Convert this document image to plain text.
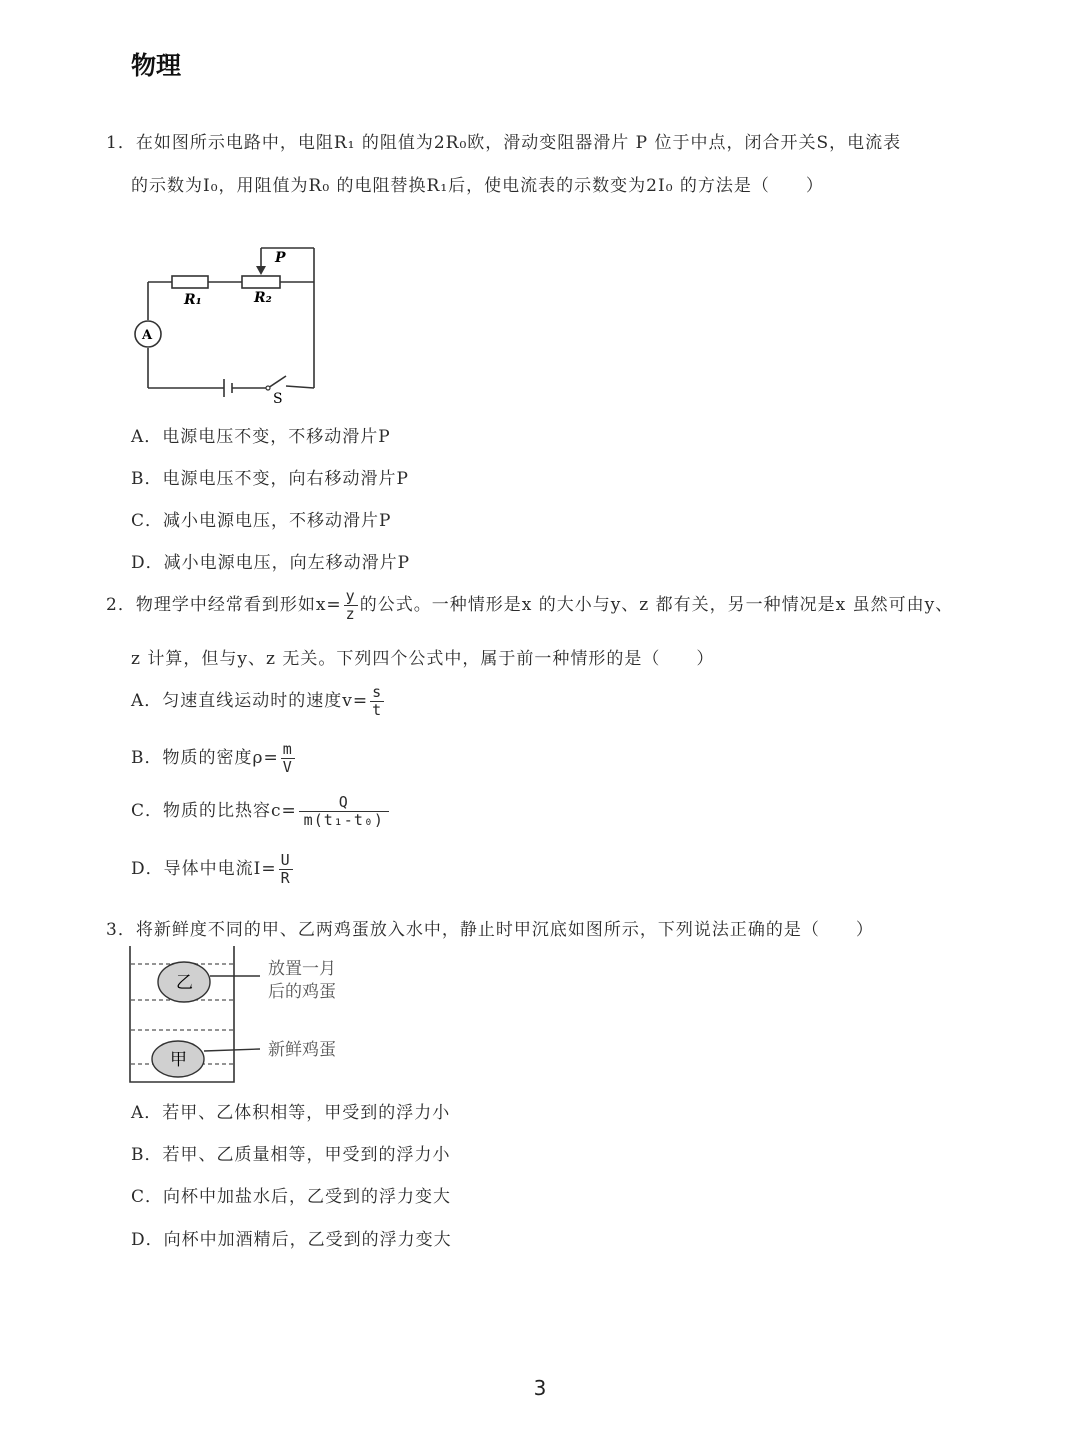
物理
1．在如图所示电路中，电阻R₁ 的阻值为2R₀欧，滑动变阻器滑片 P 位于中点，闭合开关S，电流表
的示数为I₀，用阻值为R₀ 的电阻替换R₁后，使电流表的示数变为2I₀ 的方法是（　　）
P
R₁	R₂
A
S
A．电源电压不变，不移动滑片P
B．电源电压不变，向右移动滑片P
C．减小电源电压，不移动滑片P
D．减小电源电压，向左移动滑片P
2．物理学中经常看到形如$x= \frac{y}{z}$ 的公式。一种情形是x 的大小与y、z 都有关，另一种情况是x 虽然可由y、
z 计算，但与y、z 无关。下列四个公式中，属于前一种情形的是（　　）
A．匀速直线运动时的速度$v= \frac{s}{t}$
B．物质的密度$\rho= \frac{m}{V}$
C．物质的比热容$c= \frac{Q}{\text{m(t₁-t₀)}}$
D．导体中电流$I= \frac{U}{R}$
3．将新鲜度不同的甲、乙两鸡蛋放入水中，静止时甲沉底如图所示，下列说法正确的是（　　）
乙
甲
放置一月
后的鸡蛋
新鲜鸡蛋
A．若甲、乙体积相等，甲受到的浮力小
B．若甲、乙质量相等，甲受到的浮力小
C．向杯中加盐水后，乙受到的浮力变大
D．向杯中加酒精后，乙受到的浮力变大
3
